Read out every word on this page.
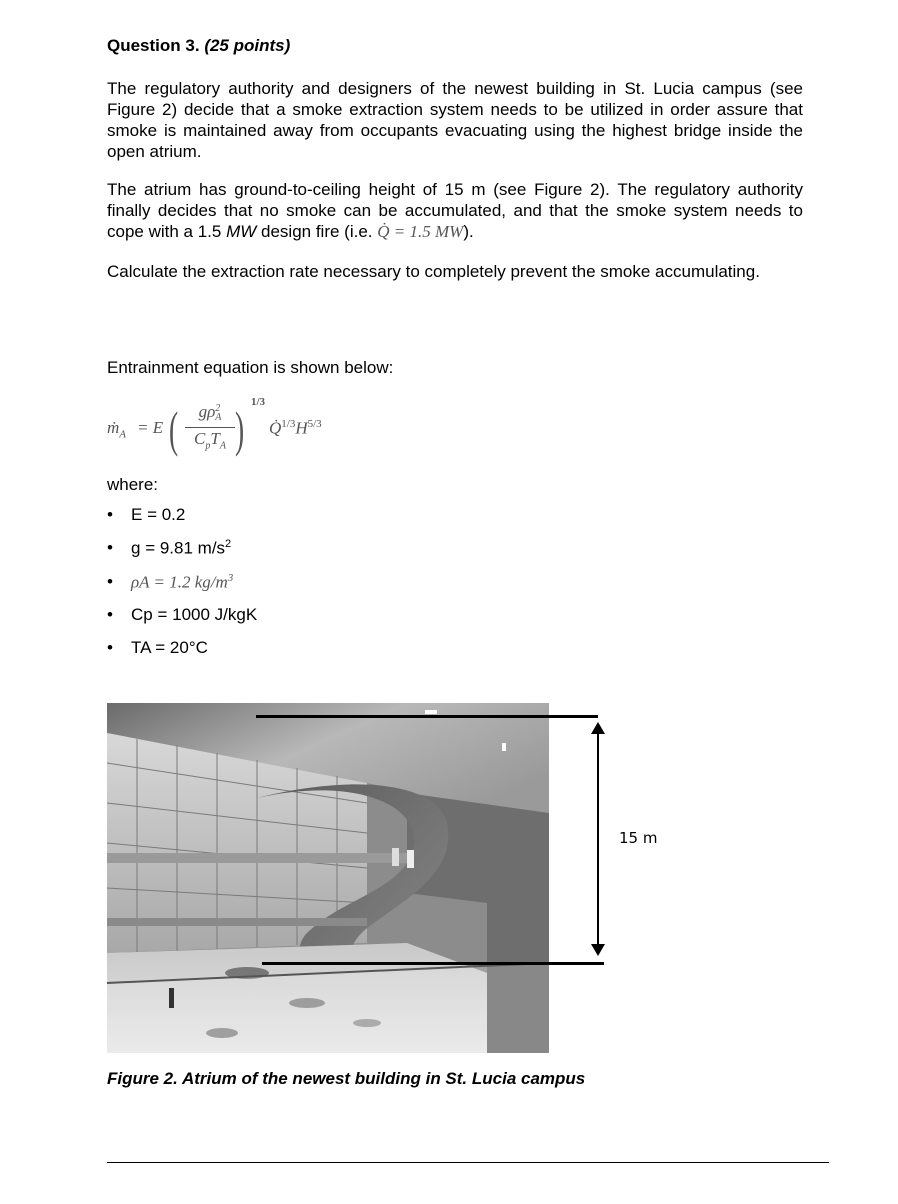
Question 3. (25 points)
The regulatory authority and designers of the newest building in St. Lucia campus (see Figure 2) decide that a smoke extraction system needs to be utilized in order assure that smoke is maintained away from occupants evacuating using the highest bridge inside the open atrium.
The atrium has ground-to-ceiling height of 15 m (see Figure 2). The regulatory authority finally decides that no smoke can be accumulated, and that the smoke system needs to cope with a 1.5 MW design fire (i.e. Q̇ = 1.5 MW).
Calculate the extraction rate necessary to completely prevent the smoke accumulating.
Entrainment equation is shown below:
ṁ$_A$ = E (	gρ2
A
$C_pT_A$ ) 1/3
$Q̇^{1/3}H^{5/3}$
where:
• E = 0.2
• g = 9.81 $m/s^2$
• ρA = 1.2 $kg/m^3$
• Cp = 1000 J/kgK
• TA = 20°C
15 m
Figure 2. Atrium of the newest building in St. Lucia campus
